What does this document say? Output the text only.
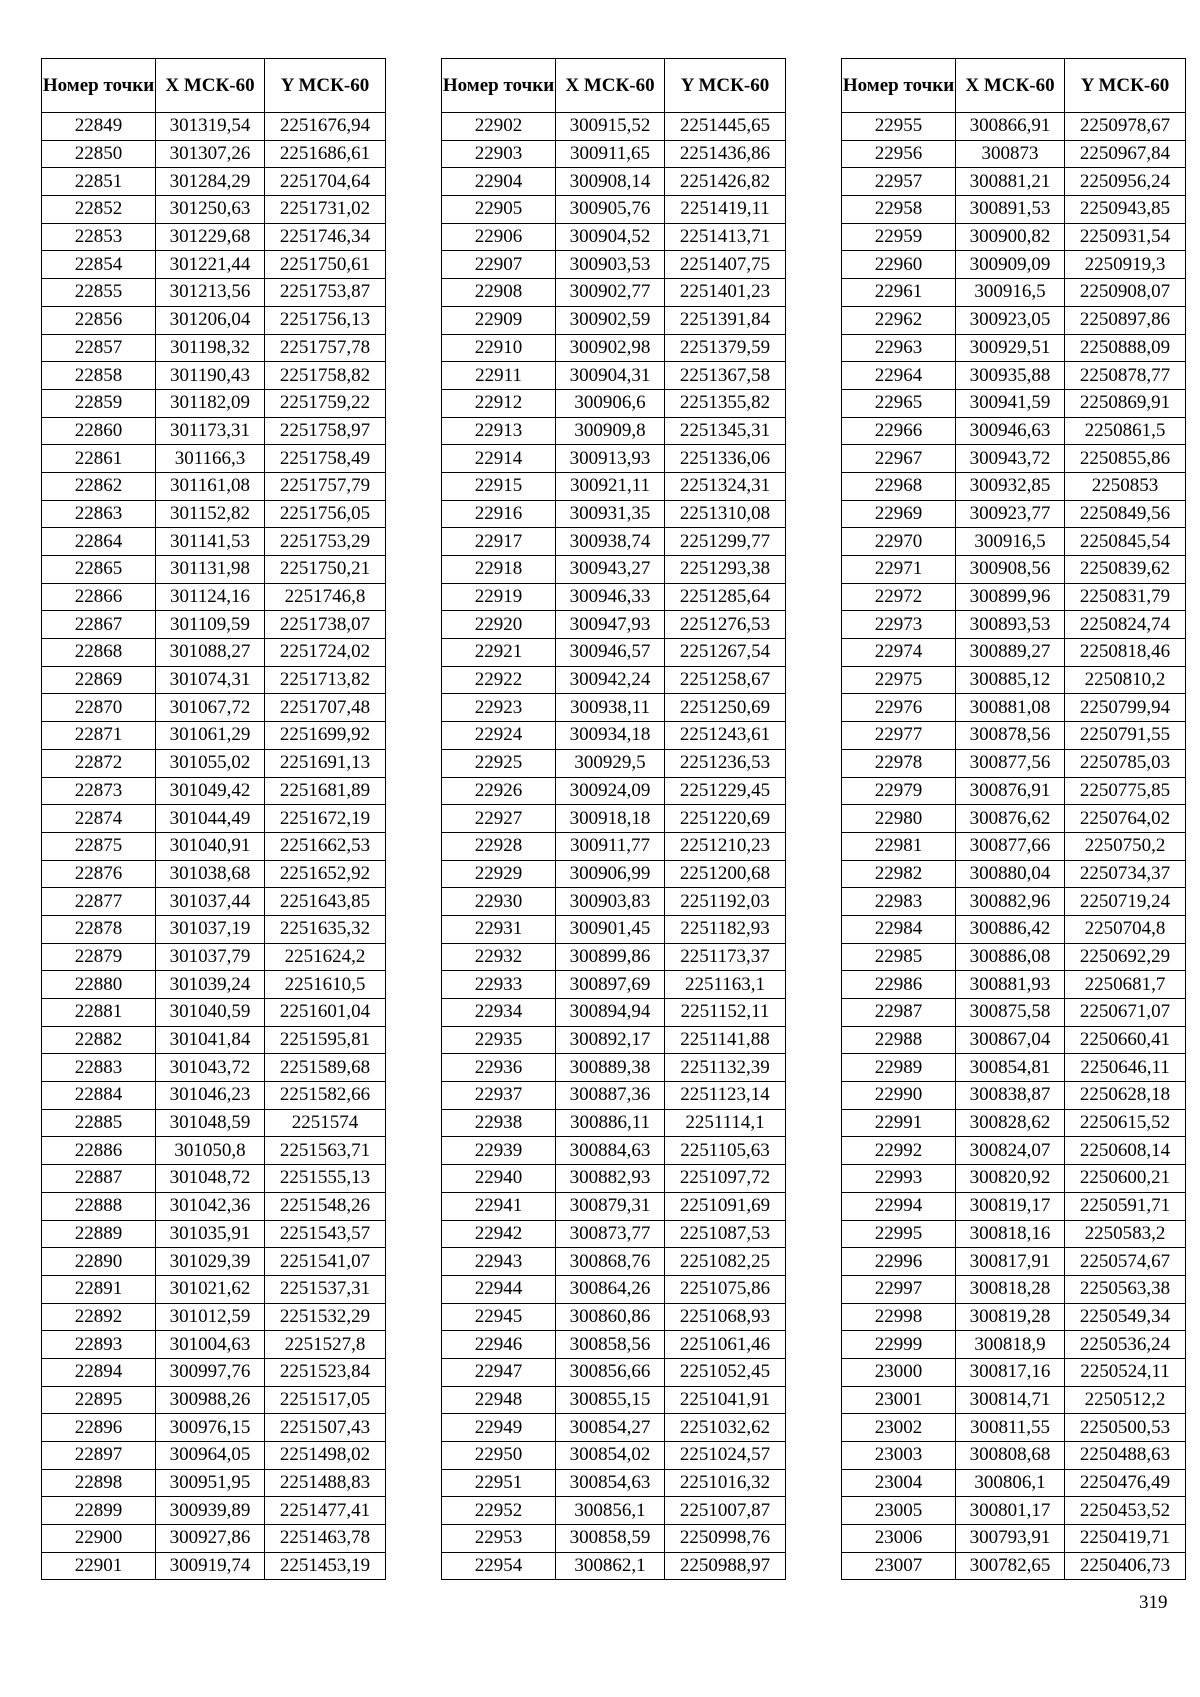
Номер точки	X МСК-60	Y МСК-60
22849	301319,54	2251676,94
22850	301307,26	2251686,61
22851	301284,29	2251704,64
22852	301250,63	2251731,02
22853	301229,68	2251746,34
22854	301221,44	2251750,61
22855	301213,56	2251753,87
22856	301206,04	2251756,13
22857	301198,32	2251757,78
22858	301190,43	2251758,82
22859	301182,09	2251759,22
22860	301173,31	2251758,97
22861	301166,3	2251758,49
22862	301161,08	2251757,79
22863	301152,82	2251756,05
22864	301141,53	2251753,29
22865	301131,98	2251750,21
22866	301124,16	2251746,8
22867	301109,59	2251738,07
22868	301088,27	2251724,02
22869	301074,31	2251713,82
22870	301067,72	2251707,48
22871	301061,29	2251699,92
22872	301055,02	2251691,13
22873	301049,42	2251681,89
22874	301044,49	2251672,19
22875	301040,91	2251662,53
22876	301038,68	2251652,92
22877	301037,44	2251643,85
22878	301037,19	2251635,32
22879	301037,79	2251624,2
22880	301039,24	2251610,5
22881	301040,59	2251601,04
22882	301041,84	2251595,81
22883	301043,72	2251589,68
22884	301046,23	2251582,66
22885	301048,59	2251574
22886	301050,8	2251563,71
22887	301048,72	2251555,13
22888	301042,36	2251548,26
22889	301035,91	2251543,57
22890	301029,39	2251541,07
22891	301021,62	2251537,31
22892	301012,59	2251532,29
22893	301004,63	2251527,8
22894	300997,76	2251523,84
22895	300988,26	2251517,05
22896	300976,15	2251507,43
22897	300964,05	2251498,02
22898	300951,95	2251488,83
22899	300939,89	2251477,41
22900	300927,86	2251463,78
22901	300919,74	2251453,19
Номер точки	X МСК-60	Y МСК-60
22902	300915,52	2251445,65
22903	300911,65	2251436,86
22904	300908,14	2251426,82
22905	300905,76	2251419,11
22906	300904,52	2251413,71
22907	300903,53	2251407,75
22908	300902,77	2251401,23
22909	300902,59	2251391,84
22910	300902,98	2251379,59
22911	300904,31	2251367,58
22912	300906,6	2251355,82
22913	300909,8	2251345,31
22914	300913,93	2251336,06
22915	300921,11	2251324,31
22916	300931,35	2251310,08
22917	300938,74	2251299,77
22918	300943,27	2251293,38
22919	300946,33	2251285,64
22920	300947,93	2251276,53
22921	300946,57	2251267,54
22922	300942,24	2251258,67
22923	300938,11	2251250,69
22924	300934,18	2251243,61
22925	300929,5	2251236,53
22926	300924,09	2251229,45
22927	300918,18	2251220,69
22928	300911,77	2251210,23
22929	300906,99	2251200,68
22930	300903,83	2251192,03
22931	300901,45	2251182,93
22932	300899,86	2251173,37
22933	300897,69	2251163,1
22934	300894,94	2251152,11
22935	300892,17	2251141,88
22936	300889,38	2251132,39
22937	300887,36	2251123,14
22938	300886,11	2251114,1
22939	300884,63	2251105,63
22940	300882,93	2251097,72
22941	300879,31	2251091,69
22942	300873,77	2251087,53
22943	300868,76	2251082,25
22944	300864,26	2251075,86
22945	300860,86	2251068,93
22946	300858,56	2251061,46
22947	300856,66	2251052,45
22948	300855,15	2251041,91
22949	300854,27	2251032,62
22950	300854,02	2251024,57
22951	300854,63	2251016,32
22952	300856,1	2251007,87
22953	300858,59	2250998,76
22954	300862,1	2250988,97
Номер точки	X МСК-60	Y МСК-60
22955	300866,91	2250978,67
22956	300873	2250967,84
22957	300881,21	2250956,24
22958	300891,53	2250943,85
22959	300900,82	2250931,54
22960	300909,09	2250919,3
22961	300916,5	2250908,07
22962	300923,05	2250897,86
22963	300929,51	2250888,09
22964	300935,88	2250878,77
22965	300941,59	2250869,91
22966	300946,63	2250861,5
22967	300943,72	2250855,86
22968	300932,85	2250853
22969	300923,77	2250849,56
22970	300916,5	2250845,54
22971	300908,56	2250839,62
22972	300899,96	2250831,79
22973	300893,53	2250824,74
22974	300889,27	2250818,46
22975	300885,12	2250810,2
22976	300881,08	2250799,94
22977	300878,56	2250791,55
22978	300877,56	2250785,03
22979	300876,91	2250775,85
22980	300876,62	2250764,02
22981	300877,66	2250750,2
22982	300880,04	2250734,37
22983	300882,96	2250719,24
22984	300886,42	2250704,8
22985	300886,08	2250692,29
22986	300881,93	2250681,7
22987	300875,58	2250671,07
22988	300867,04	2250660,41
22989	300854,81	2250646,11
22990	300838,87	2250628,18
22991	300828,62	2250615,52
22992	300824,07	2250608,14
22993	300820,92	2250600,21
22994	300819,17	2250591,71
22995	300818,16	2250583,2
22996	300817,91	2250574,67
22997	300818,28	2250563,38
22998	300819,28	2250549,34
22999	300818,9	2250536,24
23000	300817,16	2250524,11
23001	300814,71	2250512,2
23002	300811,55	2250500,53
23003	300808,68	2250488,63
23004	300806,1	2250476,49
23005	300801,17	2250453,52
23006	300793,91	2250419,71
23007	300782,65	2250406,73
319
